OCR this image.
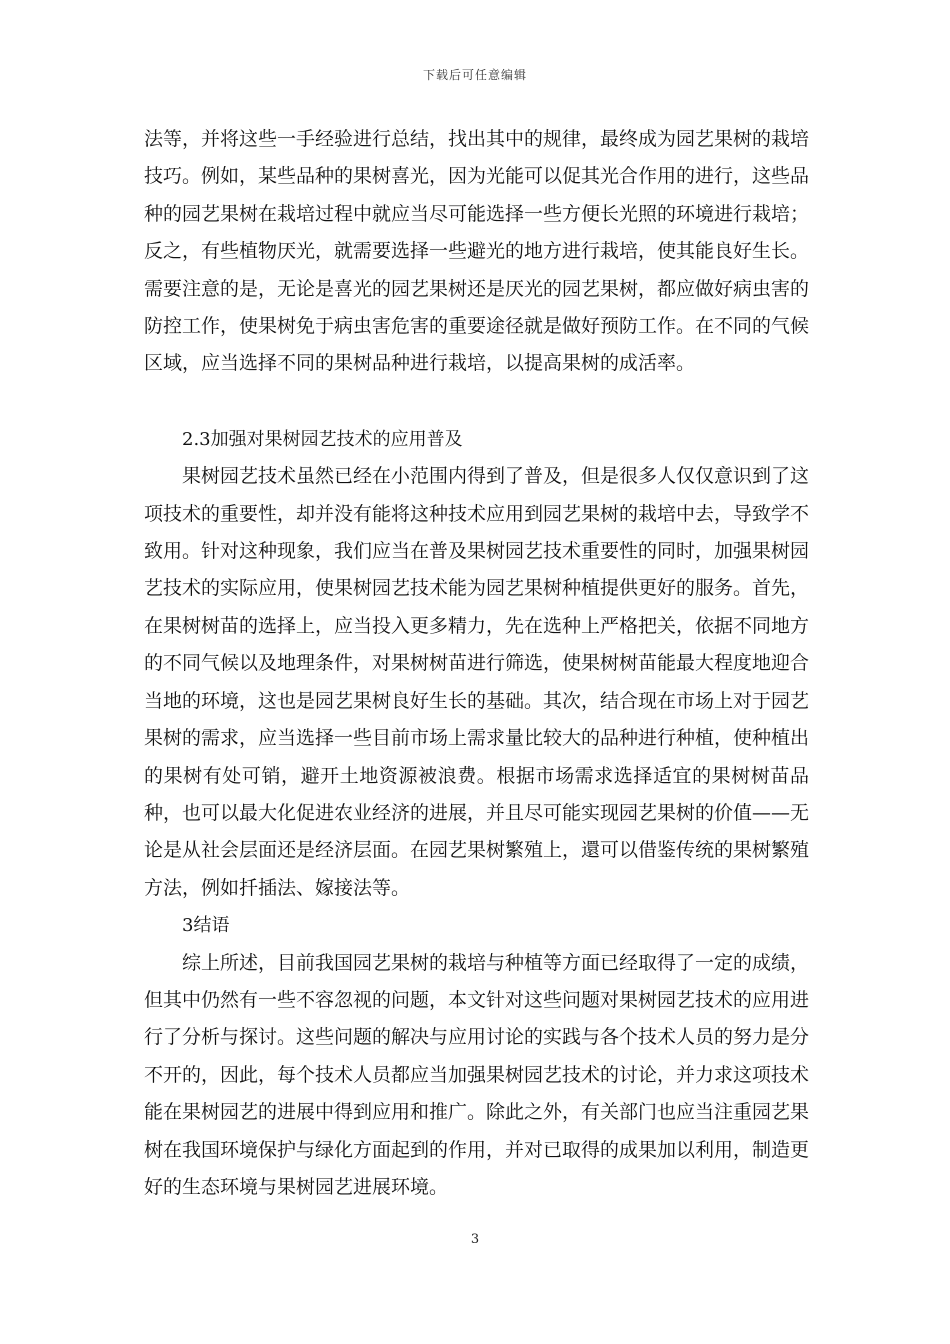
下载后可任意编辑

法等，并将这些一手经验进行总结，找出其中的规律，最终成为园艺果树的栽培技巧。例如，某些品种的果树喜光，因为光能可以促其光合作用的进行，这些品种的园艺果树在栽培过程中就应当尽可能选择一些方便长光照的环境进行栽培；反之，有些植物厌光，就需要选择一些避光的地方进行栽培，使其能良好生长。需要注意的是，无论是喜光的园艺果树还是厌光的园艺果树，都应做好病虫害的防控工作，使果树免于病虫害危害的重要途径就是做好预防工作。在不同的气候区域，应当选择不同的果树品种进行栽培，以提高果树的成活率。

2.3加强对果树园艺技术的应用普及

果树园艺技术虽然已经在小范围内得到了普及，但是很多人仅仅意识到了这项技术的重要性，却并没有能将这种技术应用到园艺果树的栽培中去，导致学不致用。针对这种现象，我们应当在普及果树园艺技术重要性的同时，加强果树园艺技术的实际应用，使果树园艺技术能为园艺果树种植提供更好的服务。首先，在果树树苗的选择上，应当投入更多精力，先在选种上严格把关，依据不同地方的不同气候以及地理条件，对果树树苗进行筛选，使果树树苗能最大程度地迎合当地的环境，这也是园艺果树良好生长的基础。其次，结合现在市场上对于园艺果树的需求，应当选择一些目前市场上需求量比较大的品种进行种植，使种植出的果树有处可销，避开土地资源被浪费。根据市场需求选择适宜的果树树苗品种，也可以最大化促进农业经济的进展，并且尽可能实现园艺果树的价值——无论是从社会层面还是经济层面。在园艺果树繁殖上，還可以借鉴传统的果树繁殖方法，例如扦插法、嫁接法等。

3结语

综上所述，目前我国园艺果树的栽培与种植等方面已经取得了一定的成绩，但其中仍然有一些不容忽视的问题，本文针对这些问题对果树园艺技术的应用进行了分析与探讨。这些问题的解决与应用讨论的实践与各个技术人员的努力是分不开的，因此，每个技术人员都应当加强果树园艺技术的讨论，并力求这项技术能在果树园艺的进展中得到应用和推广。除此之外，有关部门也应当注重园艺果树在我国环境保护与绿化方面起到的作用，并对已取得的成果加以利用，制造更好的生态环境与果树园艺进展环境。

3
